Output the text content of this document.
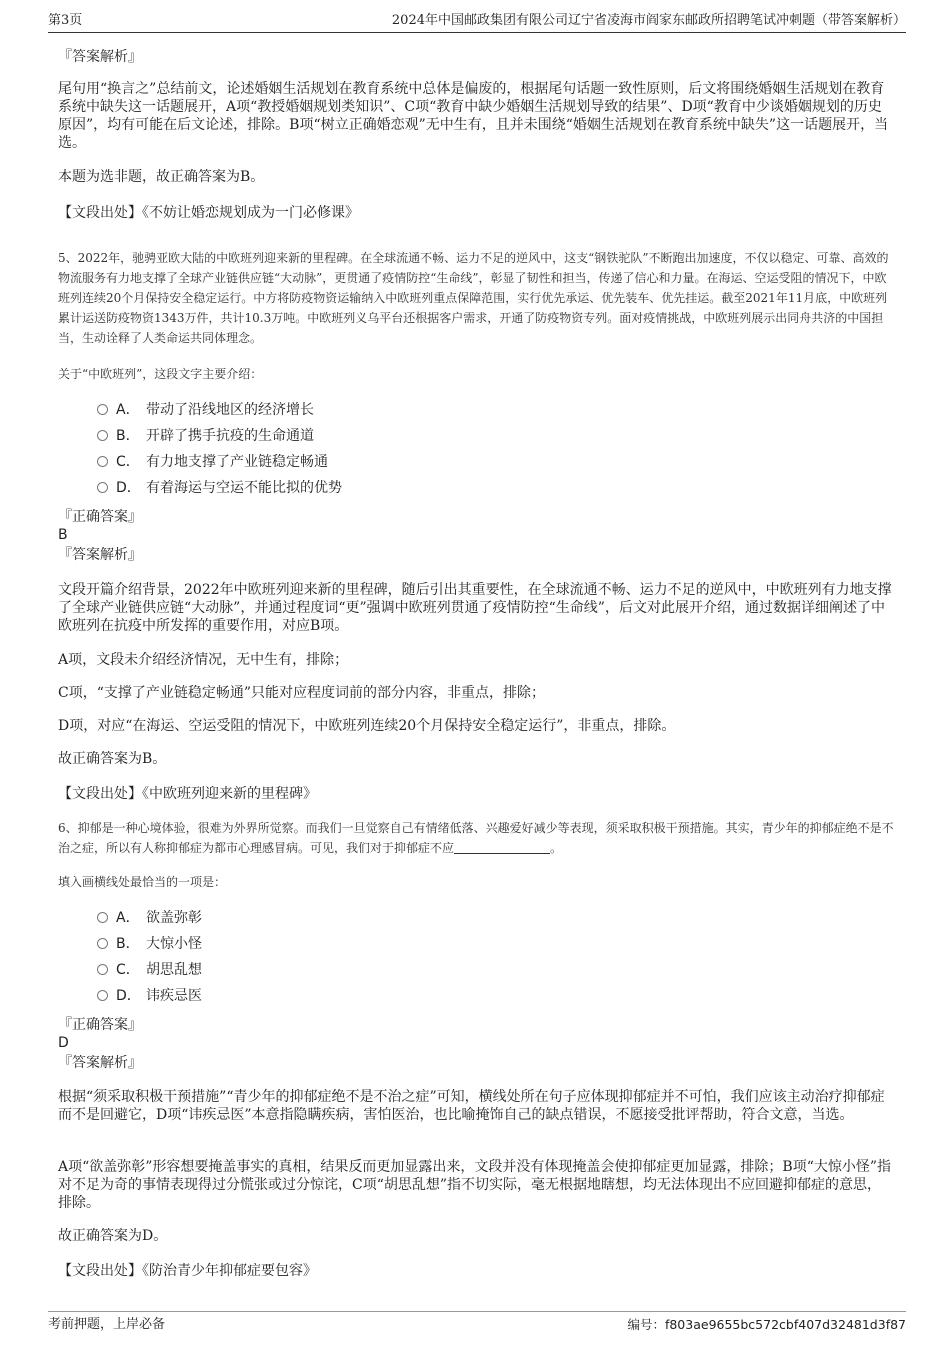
第3页	2024年中国邮政集团有限公司辽宁省凌海市阎家东邮政所招聘笔试冲刺题（带答案解析）
『答案解析』

尾句用“换言之”总结前文，论述婚姻生活规划在教育系统中总体是偏废的，根据尾句话题一致性原则，后文将围绕婚姻生活规划在教育系统中缺失这一话题展开，A项“教授婚姻规划类知识”、C项“教育中缺少婚姻生活规划导致的结果”、D项“教育中少谈婚姻规划的历史原因”，均有可能在后文论述，排除。B项“树立正确婚恋观”无中生有，且并未围绕“婚姻生活规划在教育系统中缺失”这一话题展开，当选。

本题为选非题，故正确答案为B。

【文段出处】《不妨让婚恋规划成为一门必修课》

5、2022年，驰骋亚欧大陆的中欧班列迎来新的里程碑。在全球流通不畅、运力不足的逆风中，这支“钢铁驼队”不断跑出加速度，不仅以稳定、可靠、高效的物流服务有力地支撑了全球产业链供应链“大动脉”，更贯通了疫情防控“生命线”，彰显了韧性和担当，传递了信心和力量。在海运、空运受阻的情况下，中欧班列连续20个月保持安全稳定运行。中方将防疫物资运输纳入中欧班列重点保障范围，实行优先承运、优先装车、优先挂运。截至2021年11月底，中欧班列累计运送防疫物资1343万件，共计10.3万吨。中欧班列义乌平台还根据客户需求，开通了防疫物资专列。面对疫情挑战，中欧班列展示出同舟共济的中国担当，生动诠释了人类命运共同体理念。

关于“中欧班列”，这段文字主要介绍：

A． 带动了沿线地区的经济增长
B． 开辟了携手抗疫的生命通道
C． 有力地支撑了产业链稳定畅通
D． 有着海运与空运不能比拟的优势
『正确答案』
B
『答案解析』

文段开篇介绍背景，2022年中欧班列迎来新的里程碑，随后引出其重要性，在全球流通不畅、运力不足的逆风中，中欧班列有力地支撑了全球产业链供应链“大动脉”，并通过程度词“更”强调中欧班列贯通了疫情防控“生命线”，后文对此展开介绍，通过数据详细阐述了中欧班列在抗疫中所发挥的重要作用，对应B项。

A项，文段未介绍经济情况，无中生有，排除；

C项，“支撑了产业链稳定畅通”只能对应程度词前的部分内容，非重点，排除；

D项，对应“在海运、空运受阻的情况下，中欧班列连续20个月保持安全稳定运行”，非重点，排除。

故正确答案为B。

【文段出处】《中欧班列迎来新的里程碑》

6、抑郁是一种心境体验，很难为外界所觉察。而我们一旦觉察自己有情绪低落、兴趣爱好减少等表现，须采取积极干预措施。其实，青少年的抑郁症绝不是不治之症，所以有人称抑郁症为都市心理感冒病。可见，我们对于抑郁症不应	。

填入画横线处最恰当的一项是：

A． 欲盖弥彰
B． 大惊小怪
C． 胡思乱想
D． 讳疾忌医
『正确答案』
D
『答案解析』

根据“须采取积极干预措施”“青少年的抑郁症绝不是不治之症”可知，横线处所在句子应体现抑郁症并不可怕，我们应该主动治疗抑郁症而不是回避它，D项“讳疾忌医”本意指隐瞒疾病，害怕医治，也比喻掩饰自己的缺点错误，不愿接受批评帮助，符合文意，当选。

A项“欲盖弥彰”形容想要掩盖事实的真相，结果反而更加显露出来，文段并没有体现掩盖会使抑郁症更加显露，排除；B项“大惊小怪”指对不足为奇的事情表现得过分慌张或过分惊诧，C项“胡思乱想”指不切实际，毫无根据地瞎想，均无法体现出不应回避抑郁症的意思，排除。

故正确答案为D。

【文段出处】《防治青少年抑郁症要包容》

考前押题，上岸必备	编号：f803ae9655bc572cbf407d32481d3f87
